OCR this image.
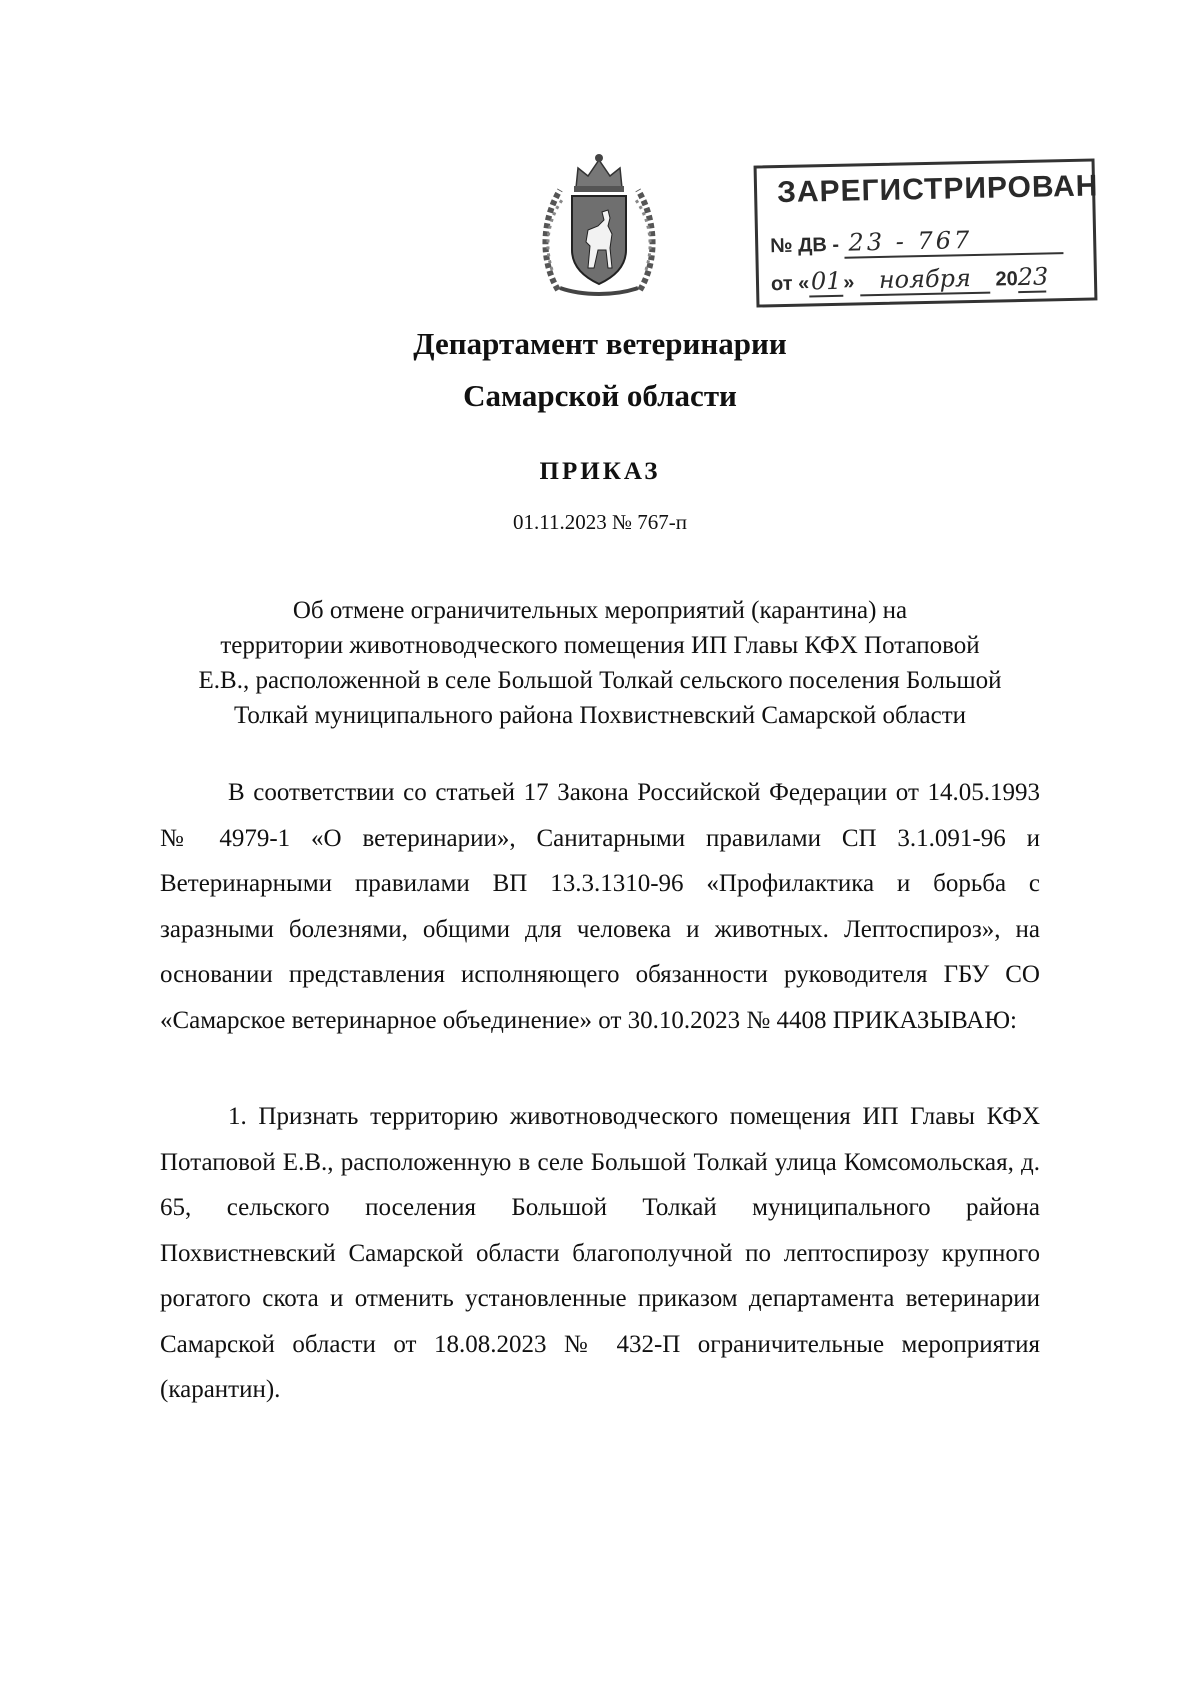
ЗАРЕГИСТРИРОВАН
№ ДВ - 23 - 767
от «01» ноября 2023
Департамент ветеринарии
Самарской области
ПРИКАЗ
01.11.2023 № 767-п
Об отмене ограничительных мероприятий (карантина) на
территории животноводческого помещения ИП Главы КФХ Потаповой
Е.В., расположенной в селе Большой Толкай сельского поселения Большой
Толкай муниципального района Похвистневский Самарской области
В соответствии со статьей 17 Закона Российской Федерации от 14.05.1993 № 4979-1 «О ветеринарии», Санитарными правилами СП 3.1.091-96 и Ветеринарными правилами ВП 13.3.1310-96 «Профилактика и борьба с заразными болезнями, общими для человека и животных. Лептоспироз», на основании представления исполняющего обязанности руководителя ГБУ СО «Самарское ветеринарное объединение» от 30.10.2023 № 4408 ПРИКАЗЫВАЮ:
1. Признать территорию животноводческого помещения ИП Главы КФХ Потаповой Е.В., расположенную в селе Большой Толкай улица Комсомольская, д. 65, сельского поселения Большой Толкай муниципального района Похвистневский Самарской области благополучной по лептоспирозу крупного рогатого скота и отменить установленные приказом департамента ветеринарии Самарской области от 18.08.2023 № 432-П ограничительные мероприятия (карантин).
